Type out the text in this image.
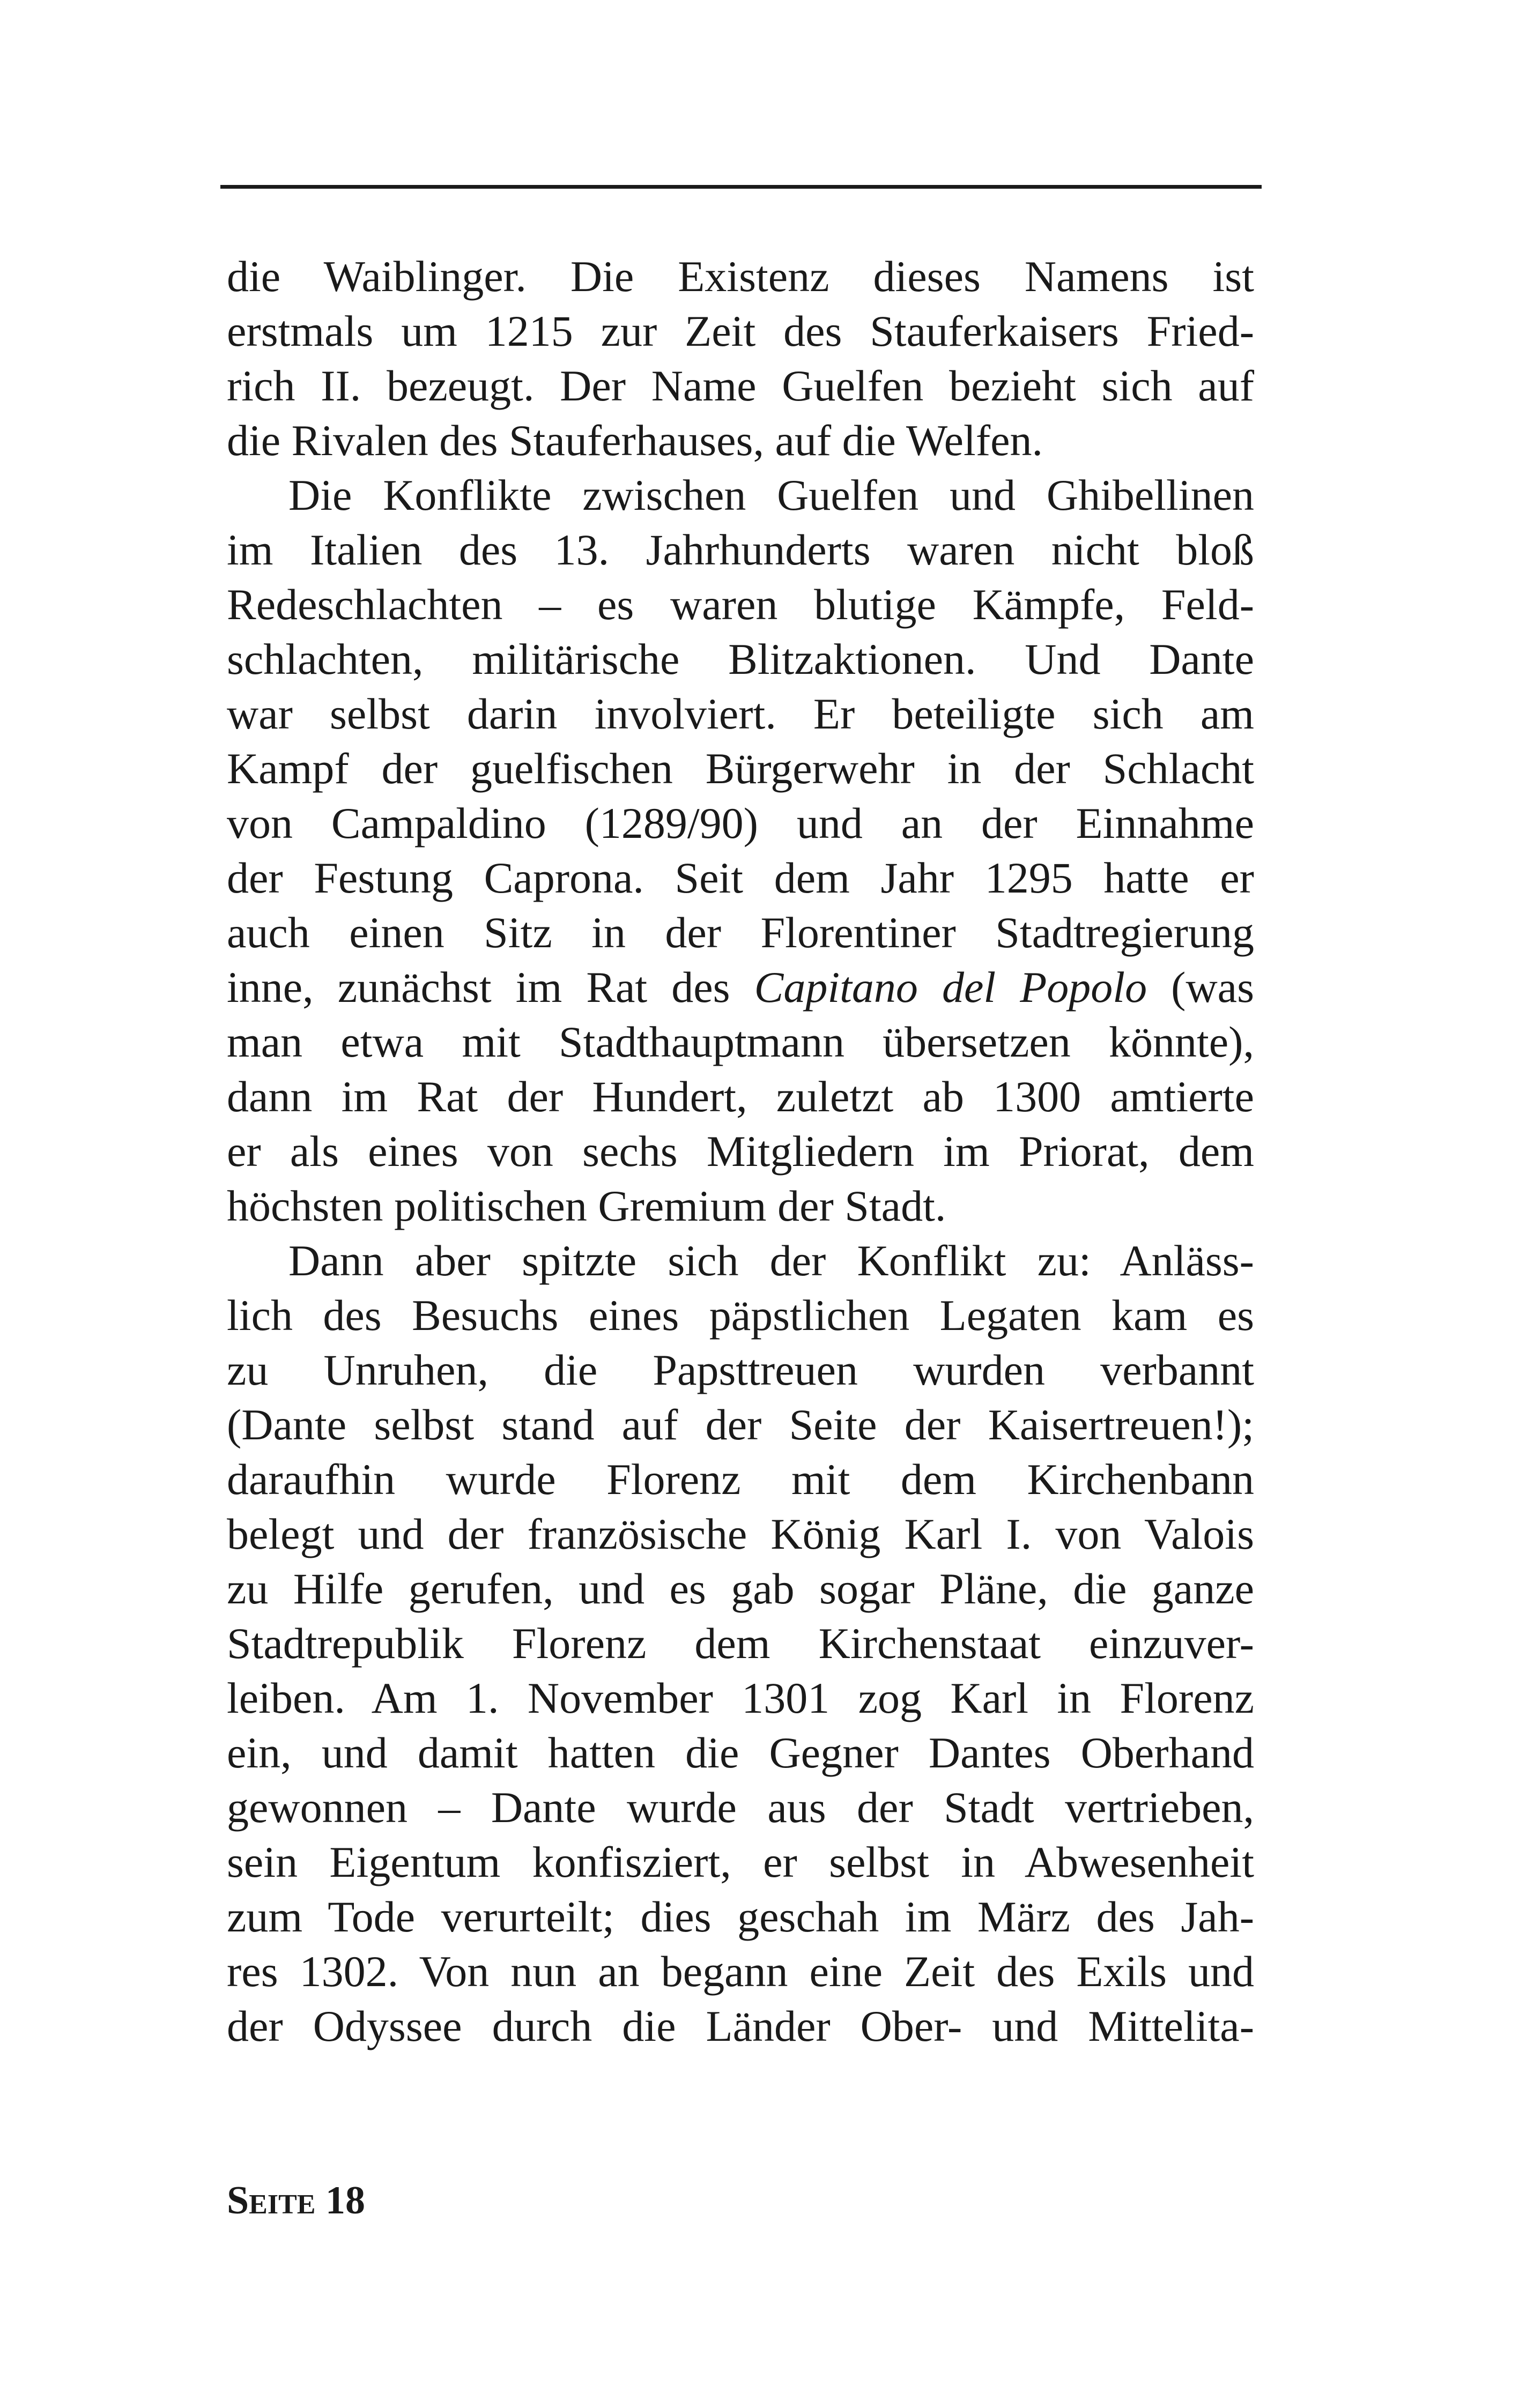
die Waiblinger. Die Existenz dieses Namens ist
erstmals um 1215 zur Zeit des Stauferkaisers Fried-
rich II. bezeugt. Der Name Guelfen bezieht sich auf
die Rivalen des Stauferhauses, auf die Welfen.
Die Konflikte zwischen Guelfen und Ghibellinen
im Italien des 13. Jahrhunderts waren nicht bloß
Redeschlachten – es waren blutige Kämpfe, Feld-
schlachten, militärische Blitzaktionen. Und Dante
war selbst darin involviert. Er beteiligte sich am
Kampf der guelfischen Bürgerwehr in der Schlacht
von Campaldino (1289/90) und an der Einnahme
der Festung Caprona. Seit dem Jahr 1295 hatte er
auch einen Sitz in der Florentiner Stadtregierung
inne, zunächst im Rat des Capitano del Popolo (was
man etwa mit Stadthauptmann übersetzen könnte),
dann im Rat der Hundert, zuletzt ab 1300 amtierte
er als eines von sechs Mitgliedern im Priorat, dem
höchsten politischen Gremium der Stadt.
Dann aber spitzte sich der Konflikt zu: Anläss-
lich des Besuchs eines päpstlichen Legaten kam es
zu Unruhen, die Papsttreuen wurden verbannt
(Dante selbst stand auf der Seite der Kaisertreuen!);
daraufhin wurde Florenz mit dem Kirchenbann
belegt und der französische König Karl I. von Valois
zu Hilfe gerufen, und es gab sogar Pläne, die ganze
Stadtrepublik Florenz dem Kirchenstaat einzuver-
leiben. Am 1. November 1301 zog Karl in Florenz
ein, und damit hatten die Gegner Dantes Oberhand
gewonnen – Dante wurde aus der Stadt vertrieben,
sein Eigentum konfisziert, er selbst in Abwesenheit
zum Tode verurteilt; dies geschah im März des Jah-
res 1302. Von nun an begann eine Zeit des Exils und
der Odyssee durch die Länder Ober- und Mittelita-
Seite 18
